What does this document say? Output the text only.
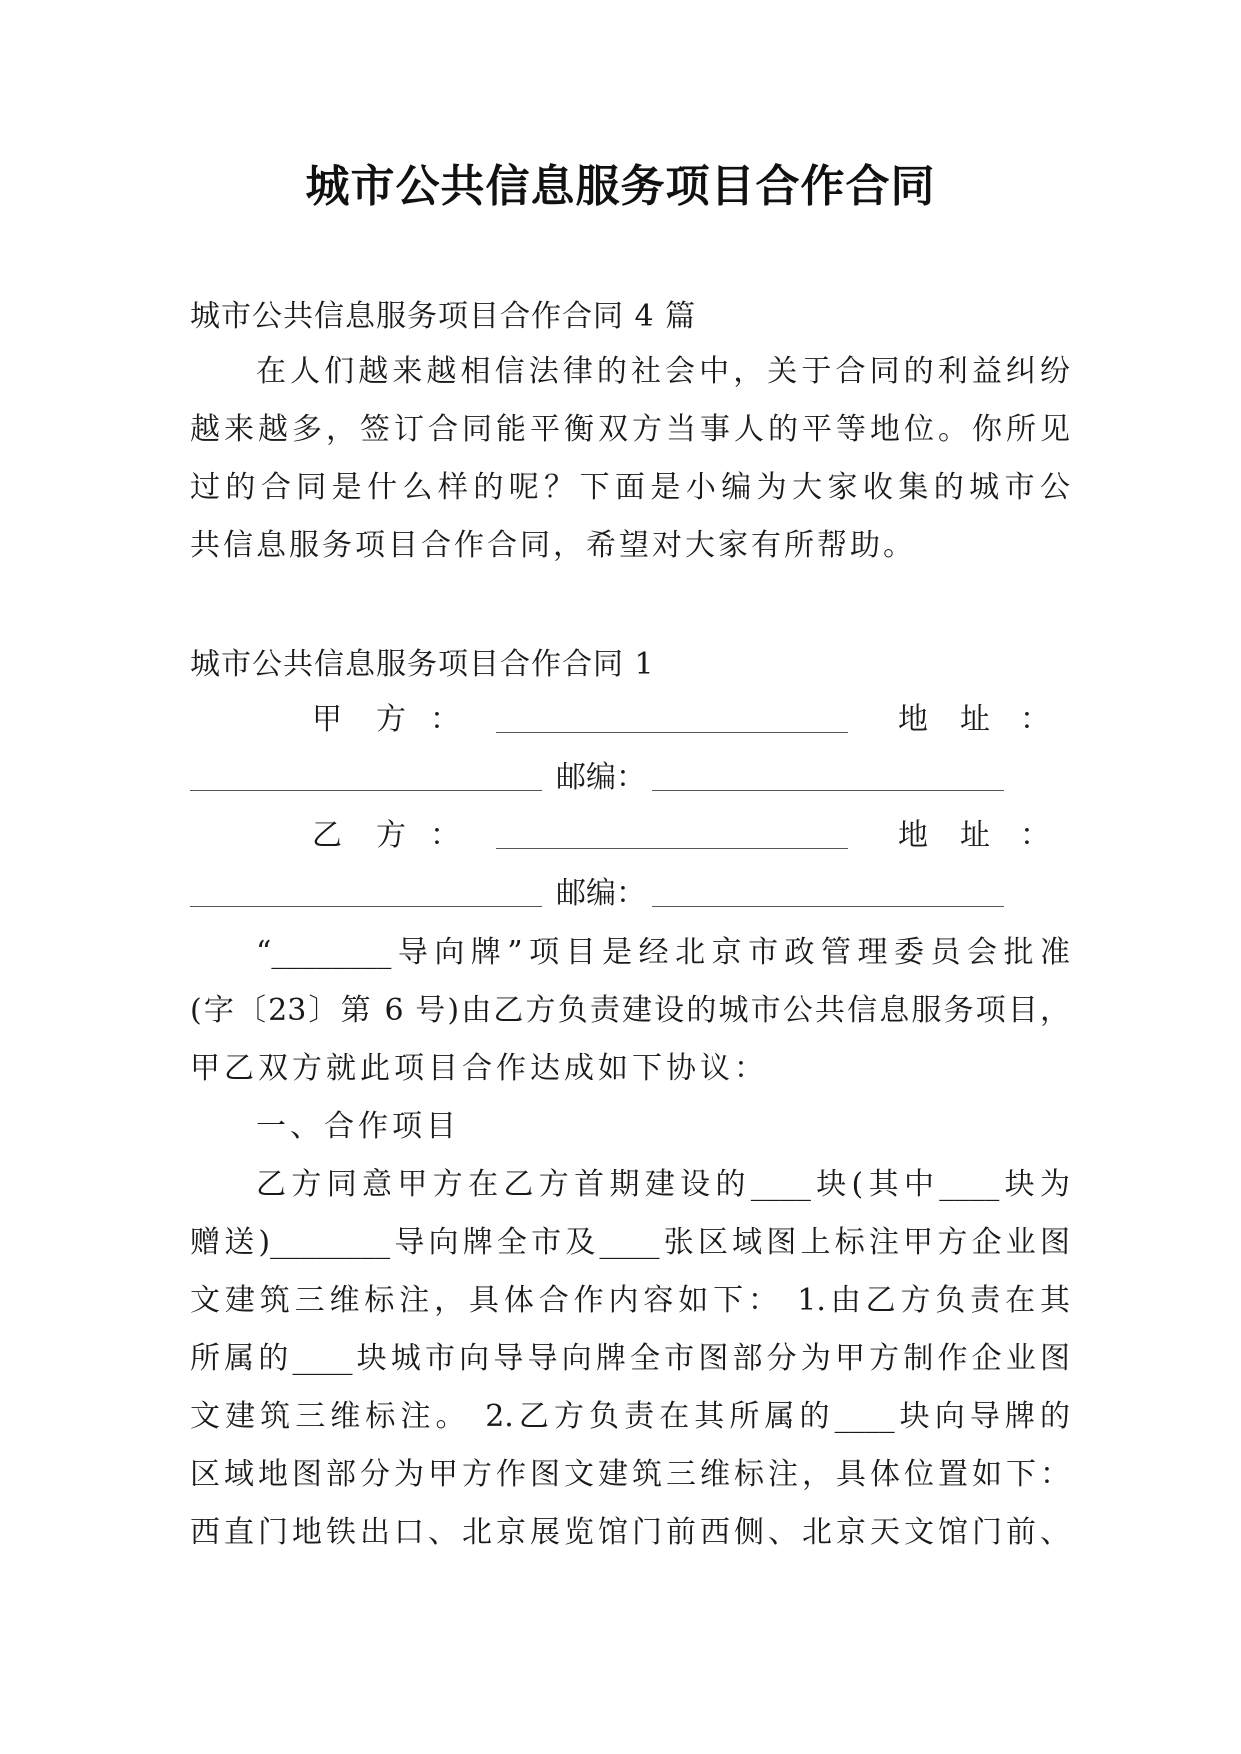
城市公共信息服务项目合作合同
城市公共信息服务项目合作合同 4 篇
在人们越来越相信法律的社会中，关于合同的利益纠纷
越来越多，签订合同能平衡双方当事人的平等地位。你所见
过的合同是什么样的呢？下面是小编为大家收集的城市公
共信息服务项目合作合同，希望对大家有所帮助。
城市公共信息服务项目合作合同 1
甲 方 ：	地 址 ：
邮编：
乙 方 ：	地 址 ：
邮编：
“________导向牌”项目是经北京市政管理委员会批准
(字〔23〕第 6 号)由乙方负责建设的城市公共信息服务项目，
甲乙双方就此项目合作达成如下协议：
一、合作项目
乙方同意甲方在乙方首期建设的____块(其中____块为
赠送)________导向牌全市及____张区域图上标注甲方企业图
文建筑三维标注，具体合作内容如下： 1.由乙方负责在其
所属的____块城市向导导向牌全市图部分为甲方制作企业图
文建筑三维标注。 2.乙方负责在其所属的____块向导牌的
区域地图部分为甲方作图文建筑三维标注，具体位置如下：
西直门地铁出口、北京展览馆门前西侧、北京天文馆门前、
